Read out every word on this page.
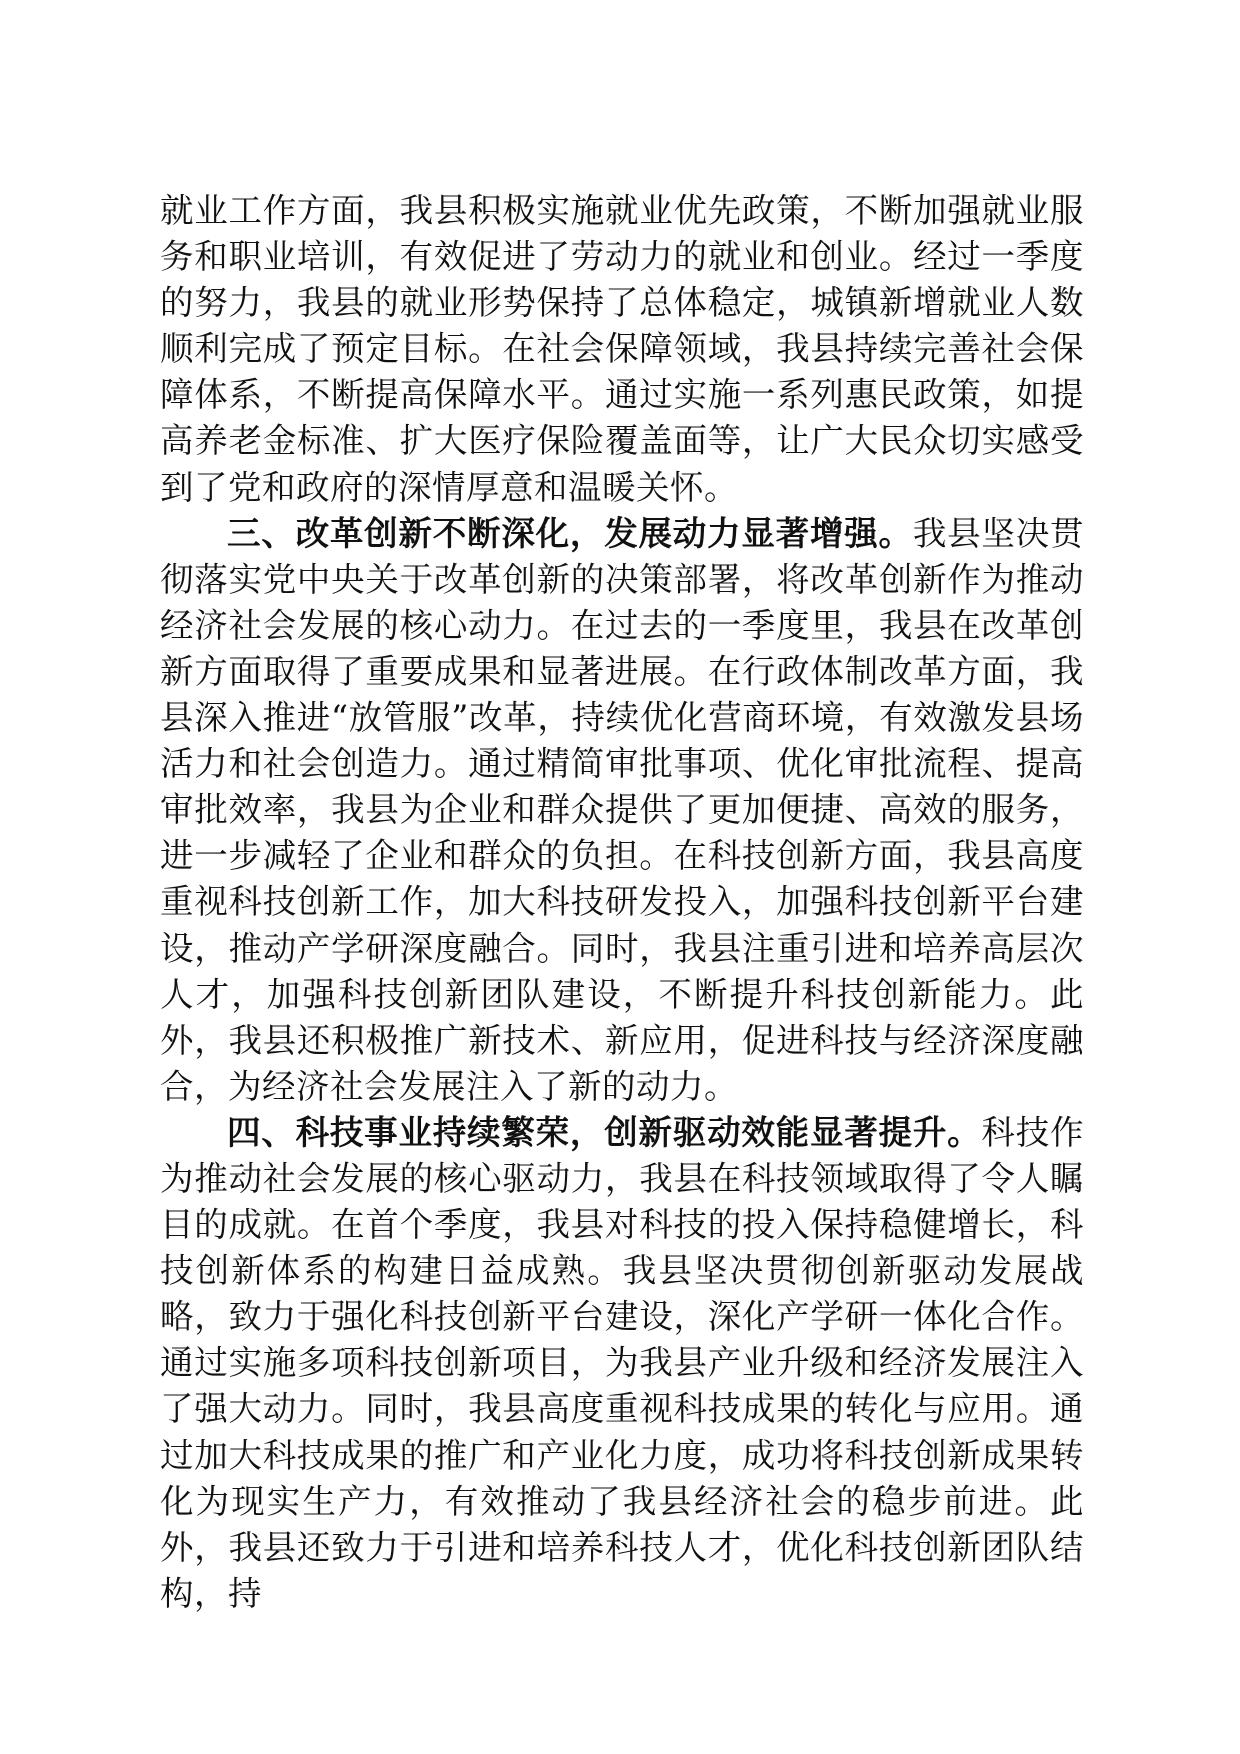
就业工作方面，我县积极实施就业优先政策，不断加强就业服务和职业培训，有效促进了劳动力的就业和创业。经过一季度的努力，我县的就业形势保持了总体稳定，城镇新增就业人数顺利完成了预定目标。在社会保障领域，我县持续完善社会保障体系，不断提高保障水平。通过实施一系列惠民政策，如提高养老金标准、扩大医疗保险覆盖面等，让广大民众切实感受到了党和政府的深情厚意和温暖关怀。

三、改革创新不断深化，发展动力显著增强。我县坚决贯彻落实党中央关于改革创新的决策部署，将改革创新作为推动经济社会发展的核心动力。在过去的一季度里，我县在改革创新方面取得了重要成果和显著进展。在行政体制改革方面，我县深入推进“放管服”改革，持续优化营商环境，有效激发县场活力和社会创造力。通过精简审批事项、优化审批流程、提高审批效率，我县为企业和群众提供了更加便捷、高效的服务，进一步减轻了企业和群众的负担。在科技创新方面，我县高度重视科技创新工作，加大科技研发投入，加强科技创新平台建设，推动产学研深度融合。同时，我县注重引进和培养高层次人才，加强科技创新团队建设，不断提升科技创新能力。此外，我县还积极推广新技术、新应用，促进科技与经济深度融合，为经济社会发展注入了新的动力。

四、科技事业持续繁荣，创新驱动效能显著提升。科技作为推动社会发展的核心驱动力，我县在科技领域取得了令人瞩目的成就。在首个季度，我县对科技的投入保持稳健增长，科技创新体系的构建日益成熟。我县坚决贯彻创新驱动发展战略，致力于强化科技创新平台建设，深化产学研一体化合作。通过实施多项科技创新项目，为我县产业升级和经济发展注入了强大动力。同时，我县高度重视科技成果的转化与应用。通过加大科技成果的推广和产业化力度，成功将科技创新成果转化为现实生产力，有效推动了我县经济社会的稳步前进。此外，我县还致力于引进和培养科技人才，优化科技创新团队结构，持
